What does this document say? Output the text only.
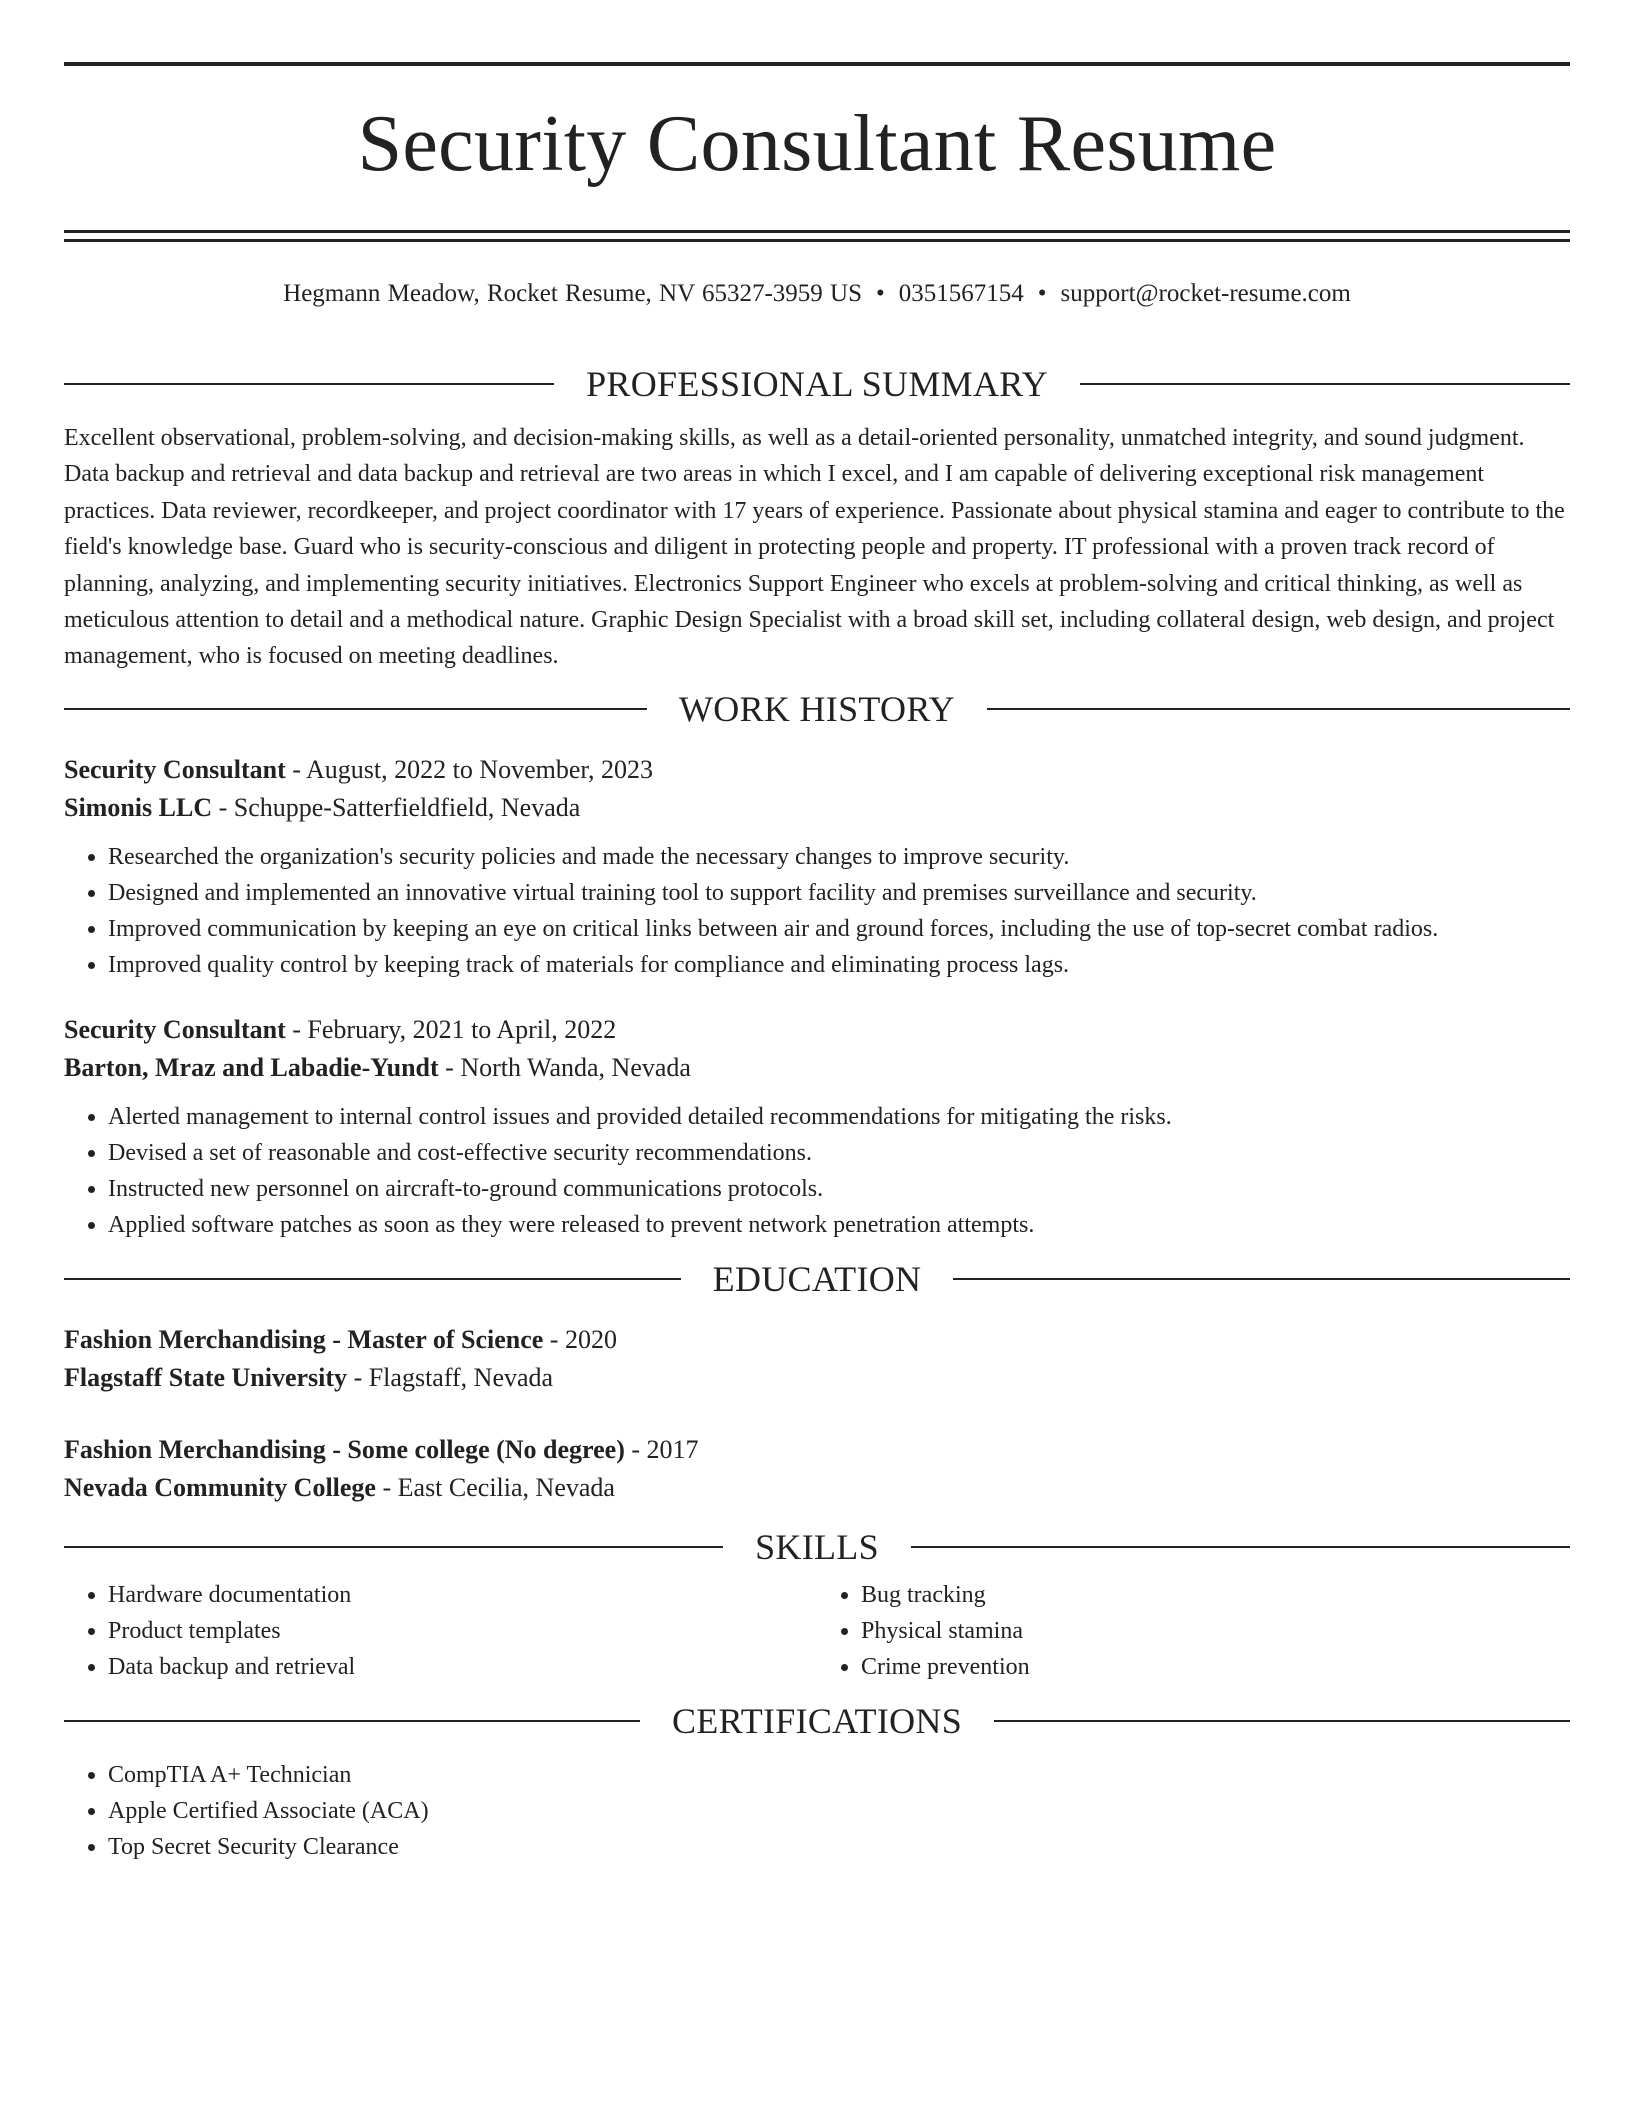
Security Consultant Resume
Hegmann Meadow, Rocket Resume, NV 65327-3959 US • 0351567154 • support@rocket-resume.com
PROFESSIONAL SUMMARY
Excellent observational, problem-solving, and decision-making skills, as well as a detail-oriented personality, unmatched integrity, and sound judgment. Data backup and retrieval and data backup and retrieval are two areas in which I excel, and I am capable of delivering exceptional risk management practices. Data reviewer, recordkeeper, and project coordinator with 17 years of experience. Passionate about physical stamina and eager to contribute to the field's knowledge base. Guard who is security-conscious and diligent in protecting people and property. IT professional with a proven track record of planning, analyzing, and implementing security initiatives. Electronics Support Engineer who excels at problem-solving and critical thinking, as well as meticulous attention to detail and a methodical nature. Graphic Design Specialist with a broad skill set, including collateral design, web design, and project management, who is focused on meeting deadlines.
WORK HISTORY
Security Consultant - August, 2022 to November, 2023
Simonis LLC - Schuppe-Satterfieldfield, Nevada
• Researched the organization's security policies and made the necessary changes to improve security.
• Designed and implemented an innovative virtual training tool to support facility and premises surveillance and security.
• Improved communication by keeping an eye on critical links between air and ground forces, including the use of top-secret combat radios.
• Improved quality control by keeping track of materials for compliance and eliminating process lags.
Security Consultant - February, 2021 to April, 2022
Barton, Mraz and Labadie-Yundt - North Wanda, Nevada
• Alerted management to internal control issues and provided detailed recommendations for mitigating the risks.
• Devised a set of reasonable and cost-effective security recommendations.
• Instructed new personnel on aircraft-to-ground communications protocols.
• Applied software patches as soon as they were released to prevent network penetration attempts.
EDUCATION
Fashion Merchandising - Master of Science - 2020
Flagstaff State University - Flagstaff, Nevada
Fashion Merchandising - Some college (No degree) - 2017
Nevada Community College - East Cecilia, Nevada
SKILLS
• Hardware documentation
• Product templates
• Data backup and retrieval
• Bug tracking
• Physical stamina
• Crime prevention
CERTIFICATIONS
• CompTIA A+ Technician
• Apple Certified Associate (ACA)
• Top Secret Security Clearance
